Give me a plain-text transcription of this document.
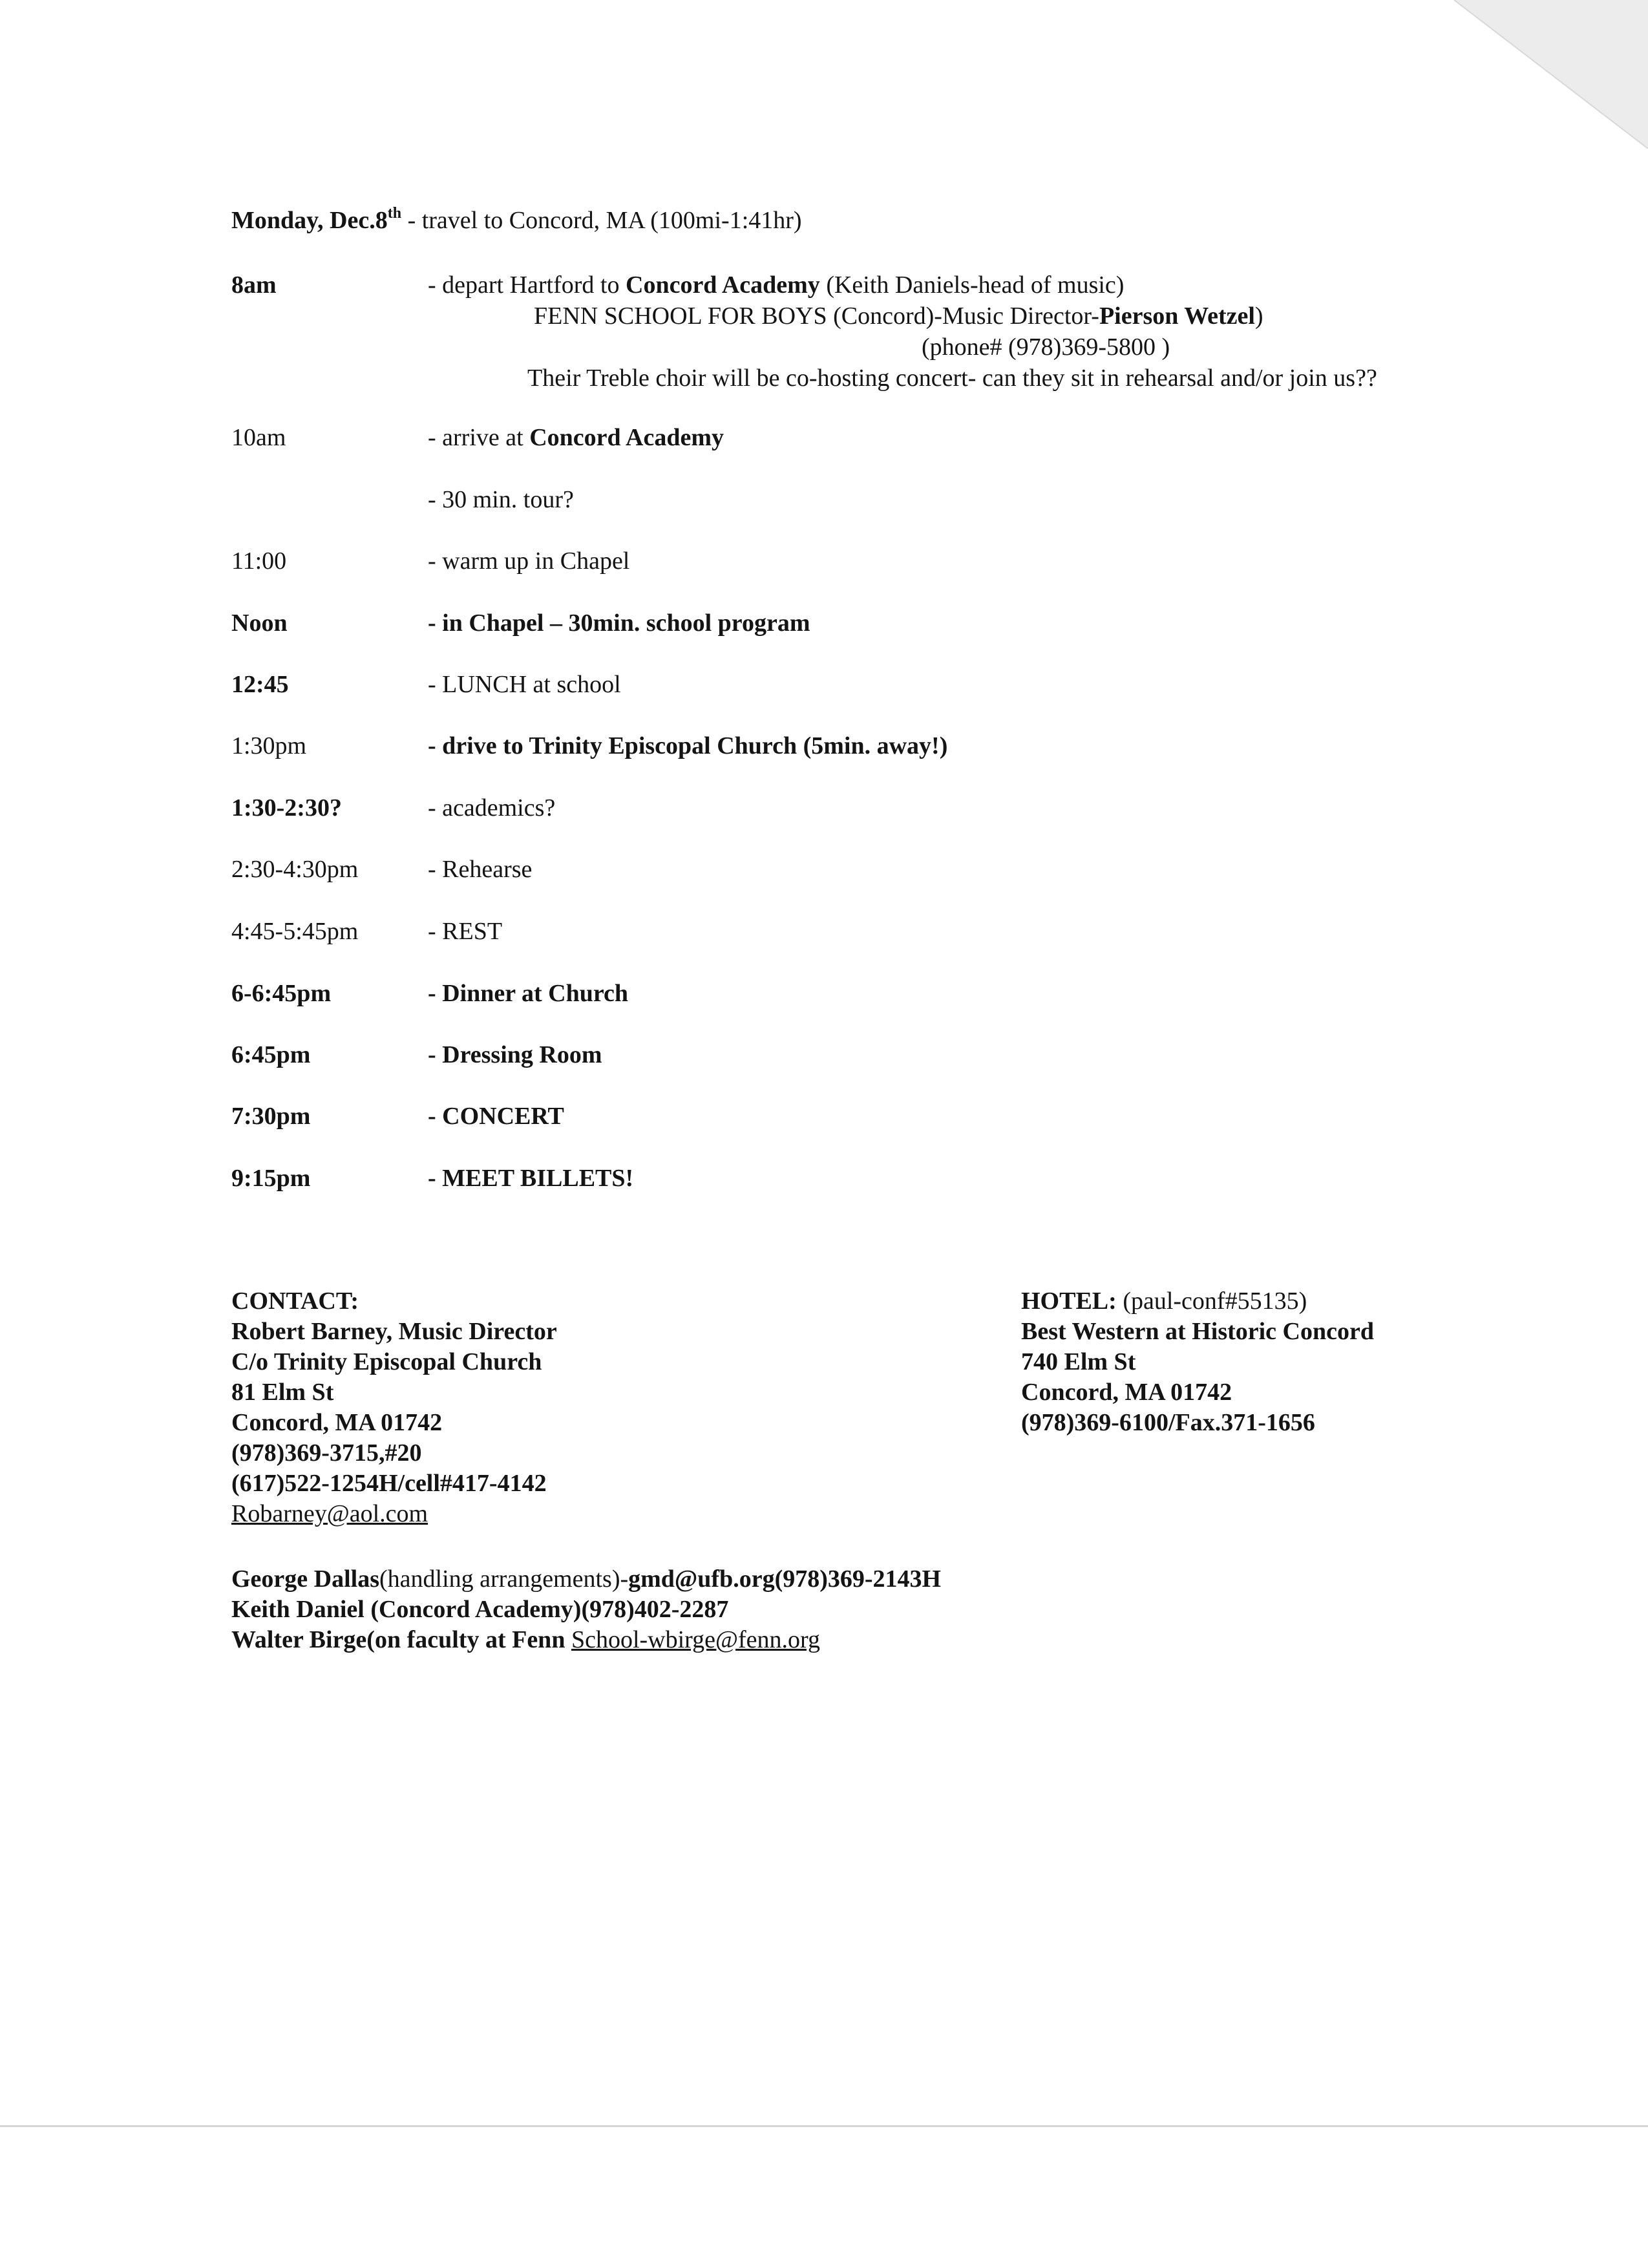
Monday, Dec.8th - travel to Concord, MA (100mi-1:41hr)
8am	- depart Hartford to Concord Academy (Keith Daniels-head of music)
FENN SCHOOL FOR BOYS (Concord)-Music Director-Pierson Wetzel)
(phone# (978)369-5800 )
Their Treble choir will be co-hosting concert- can they sit in rehearsal and/or join us??
10am	- arrive at Concord Academy
- 30 min. tour?
11:00	- warm up in Chapel
Noon	- in Chapel – 30min. school program
12:45	- LUNCH at school
1:30pm	- drive to Trinity Episcopal Church (5min. away!)
1:30-2:30?	- academics?
2:30-4:30pm	- Rehearse
4:45-5:45pm	- REST
6-6:45pm	- Dinner at Church
6:45pm	- Dressing Room
7:30pm	- CONCERT
9:15pm	- MEET BILLETS!
CONTACT:
Robert Barney, Music Director
C/o Trinity Episcopal Church
81 Elm St
Concord, MA 01742
(978)369-3715,#20
(617)522-1254H/cell#417-4142
Robarney@aol.com
HOTEL: (paul-conf#55135)
Best Western at Historic Concord
740 Elm St
Concord, MA 01742
(978)369-6100/Fax.371-1656
George Dallas(handling arrangements)-gmd@ufb.org(978)369-2143H
Keith Daniel (Concord Academy)(978)402-2287
Walter Birge(on faculty at Fenn School-wbirge@fenn.org
